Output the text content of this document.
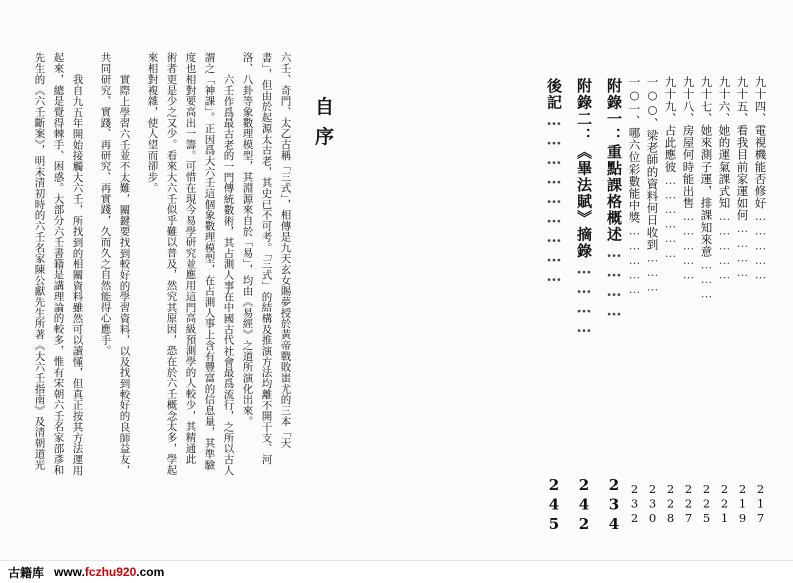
九十四、電視機能否修好……………
217
九十五、看我目前家運如何…………
219
九十六、她的運氣課式知……………
221
九十七、她來測子運，排課知來意………
225
九十八、房屋何時能出售……………
227
九十九、占此應彼………………
228
一○○、梁老師的資料何日收到………
230
一○一、哪六位彩數能中獎……………
232
附錄一：重點課格概述…………
234
附錄二：《畢法賦》摘錄…………
242
後記………………………
245
自
序
六壬、奇門、太乙古稱「三式」，相傳是九天玄女賜夢授於黃帝戰敗蚩尤的三本「天
書」，但由於起源太古老，其史已不可考。「三式」的結構及推演方法均離不開干支、河
洛、八卦等象數理模型，其淵源來自於「易」，均由《易經》之道所演化出來。
六壬作爲最古老的一門傳統數術，其占測人事在中國古代社會最爲流行，之所以古人
謂之「神課」。正因爲大六壬這個象數理模型，在占測人事上含有豐富的信息量，其準驗
度也相對要高出一籌。可惜在現今易學研究並應用這門高級預測學的人較少，其精通此
術者更是少之又少。看來大六壬似乎難以普及，然究其原因，恐在於六壬概念太多，學起
來相對複雜，使人望而卻步。
實際上學習六壬並不太難，關鍵要找到較好的學習資料，以及找到較好的良師益友，
共同研究、實踐、再研究、再實踐，久而久之自然能得心應手。
我自九五年開始接觸大六壬，所找到的相關資料雖然可以讀懂，但真正按其方法運用
起來，總是覺得棘手、困惑。大部分六壬書籍是講理論的較多，惟有宋朝六壬名家邵彥和
先生的《六壬斷案》，明末清初時的六壬名家陳公獻先生所著《大六壬指南》及清朝道光
古籍库 www.fczhu920.com
